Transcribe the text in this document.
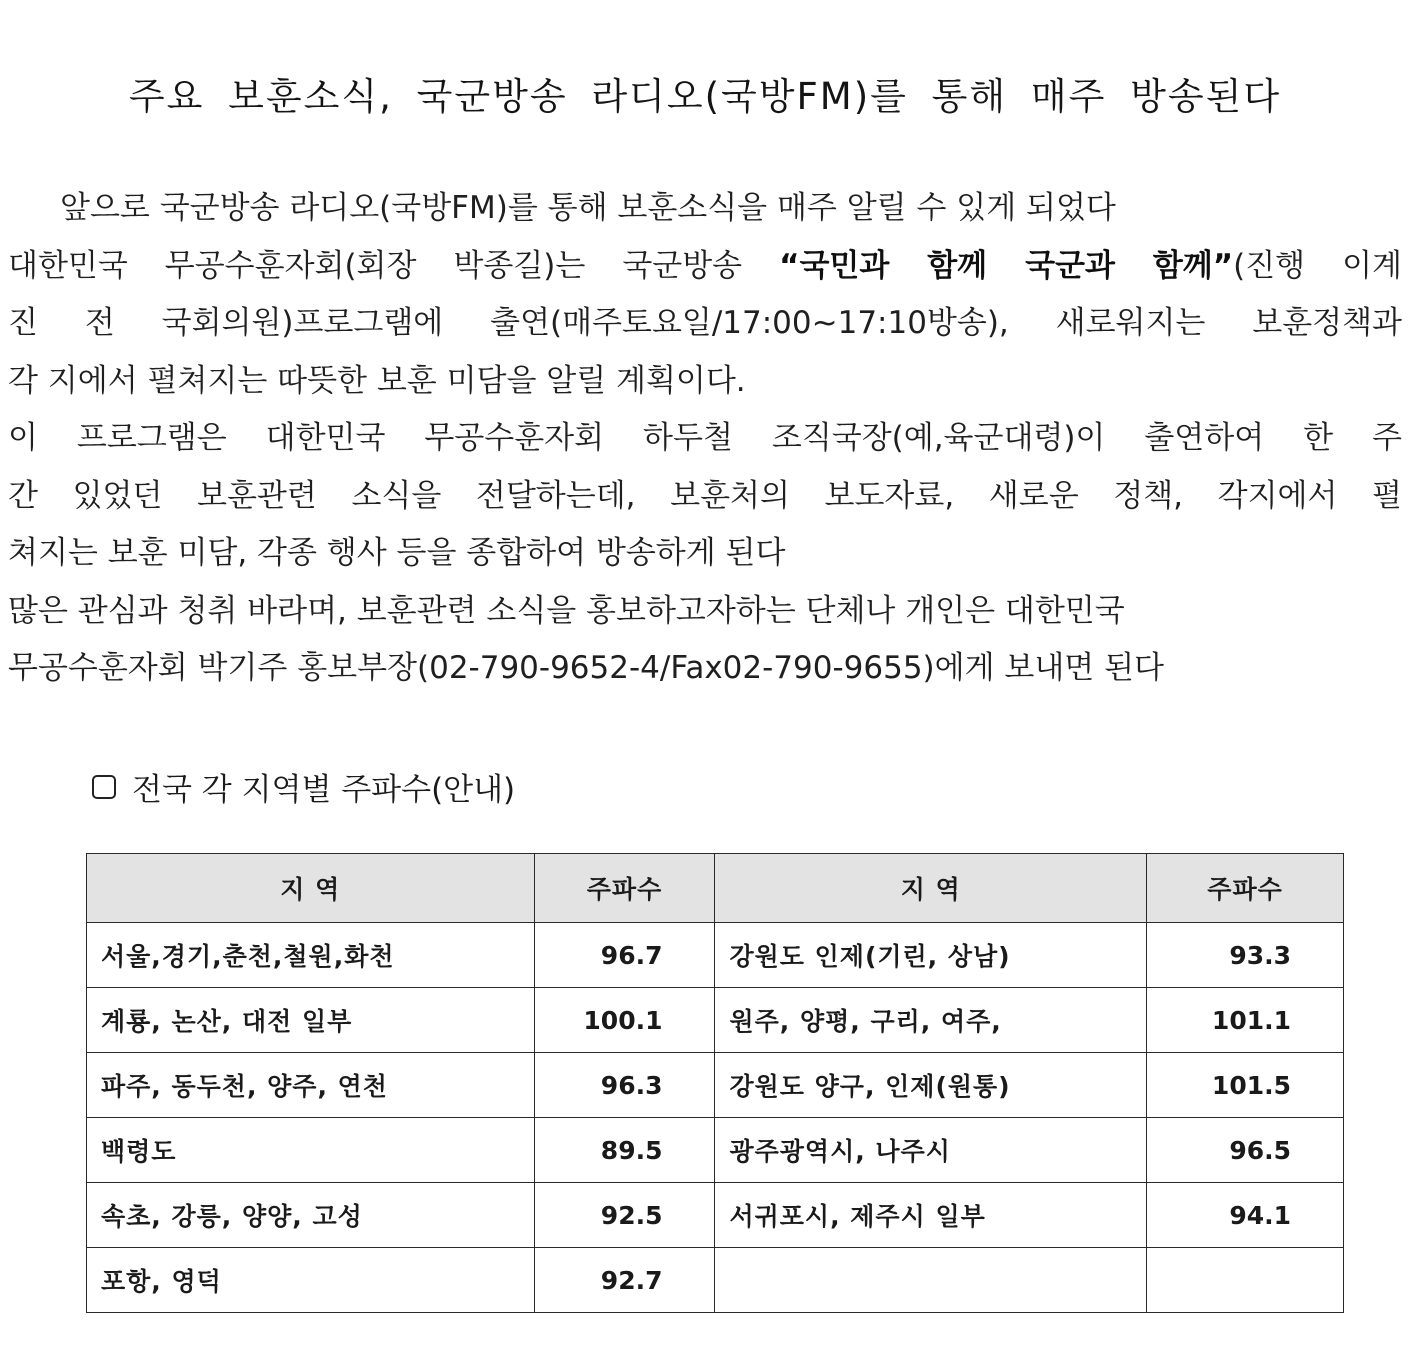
주요 보훈소식, 국군방송 라디오(국방FM)를 통해 매주 방송된다

앞으로 국군방송 라디오(국방FM)를 통해 보훈소식을 매주 알릴 수 있게 되었다

대한민국 무공수훈자회(회장 박종길)는 국군방송 “국민과 함께 국군과 함께”(진행 이계

진 전 국회의원)프로그램에 출연(매주토요일/17:00~17:10방송), 새로워지는 보훈정책과

각 지에서 펼쳐지는 따뜻한 보훈 미담을 알릴 계획이다.

이 프로그램은 대한민국 무공수훈자회 하두철 조직국장(예,육군대령)이 출연하여 한 주

간 있었던 보훈관련 소식을 전달하는데, 보훈처의 보도자료, 새로운 정책, 각지에서 펼

쳐지는 보훈 미담, 각종 행사 등을 종합하여 방송하게 된다

많은 관심과 청취 바라며, 보훈관련 소식을 홍보하고자하는 단체나 개인은 대한민국

무공수훈자회 박기주 홍보부장(02-790-9652-4/Fax02-790-9655)에게 보내면 된다

전국 각 지역별 주파수(안내)
지 역	주파수	지 역	주파수
서울,경기,춘천,철원,화천	96.7	강원도 인제(기린, 상남)	93.3
계룡, 논산, 대전 일부	100.1	원주, 양평, 구리, 여주,	101.1
파주, 동두천, 양주, 연천	96.3	강원도 양구, 인제(원통)	101.5
백령도	89.5	광주광역시, 나주시	96.5
속초, 강릉, 양양, 고성	92.5	서귀포시, 제주시 일부	94.1
포항, 영덕	92.7		
